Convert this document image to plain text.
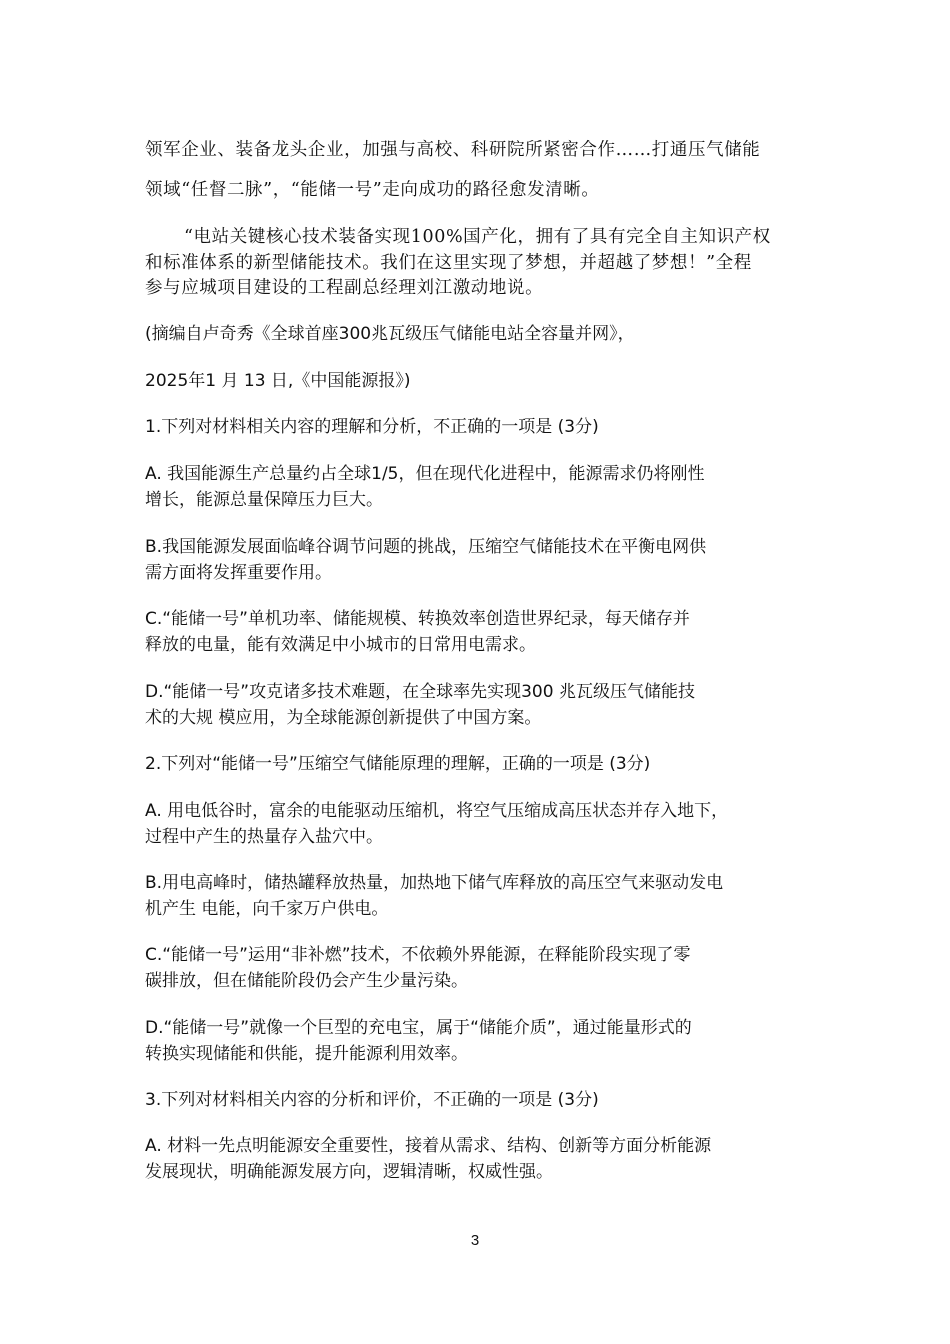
领军企业、装备龙头企业，加强与高校、科研院所紧密合作……打通压气储能
领域“任督二脉”，“能储一号”走向成功的路径愈发清晰。
“电站关键核心技术装备实现100%国产化，拥有了具有完全自主知识产权
和标准体系的新型储能技术。我们在这里实现了梦想，并超越了梦想！”全程
参与应城项目建设的工程副总经理刘江激动地说。
(摘编自卢奇秀《全球首座300兆瓦级压气储能电站全容量并网》，
2025年1 月 13 日,《中国能源报》)
1.下列对材料相关内容的理解和分析，不正确的一项是 (3分)
A. 我国能源生产总量约占全球1/5，但在现代化进程中，能源需求仍将刚性
增长，能源总量保障压力巨大。
B.我国能源发展面临峰谷调节问题的挑战，压缩空气储能技术在平衡电网供
需方面将发挥重要作用。
C.“能储一号”单机功率、储能规模、转换效率创造世界纪录，每天储存并
释放的电量，能有效满足中小城市的日常用电需求。
D.“能储一号”攻克诸多技术难题，在全球率先实现300 兆瓦级压气储能技
术的大规 模应用，为全球能源创新提供了中国方案。
2.下列对“能储一号”压缩空气储能原理的理解，正确的一项是 (3分)
A. 用电低谷时，富余的电能驱动压缩机，将空气压缩成高压状态并存入地下，
过程中产生的热量存入盐穴中。
B.用电高峰时，储热罐释放热量，加热地下储气库释放的高压空气来驱动发电
机产生 电能，向千家万户供电。
C.“能储一号”运用“非补燃”技术，不依赖外界能源，在释能阶段实现了零
碳排放，但在储能阶段仍会产生少量污染。
D.“能储一号”就像一个巨型的充电宝，属于“储能介质”，通过能量形式的
转换实现储能和供能，提升能源利用效率。
3.下列对材料相关内容的分析和评价，不正确的一项是 (3分)
A. 材料一先点明能源安全重要性，接着从需求、结构、创新等方面分析能源
发展现状，明确能源发展方向，逻辑清晰，权威性强。
3
